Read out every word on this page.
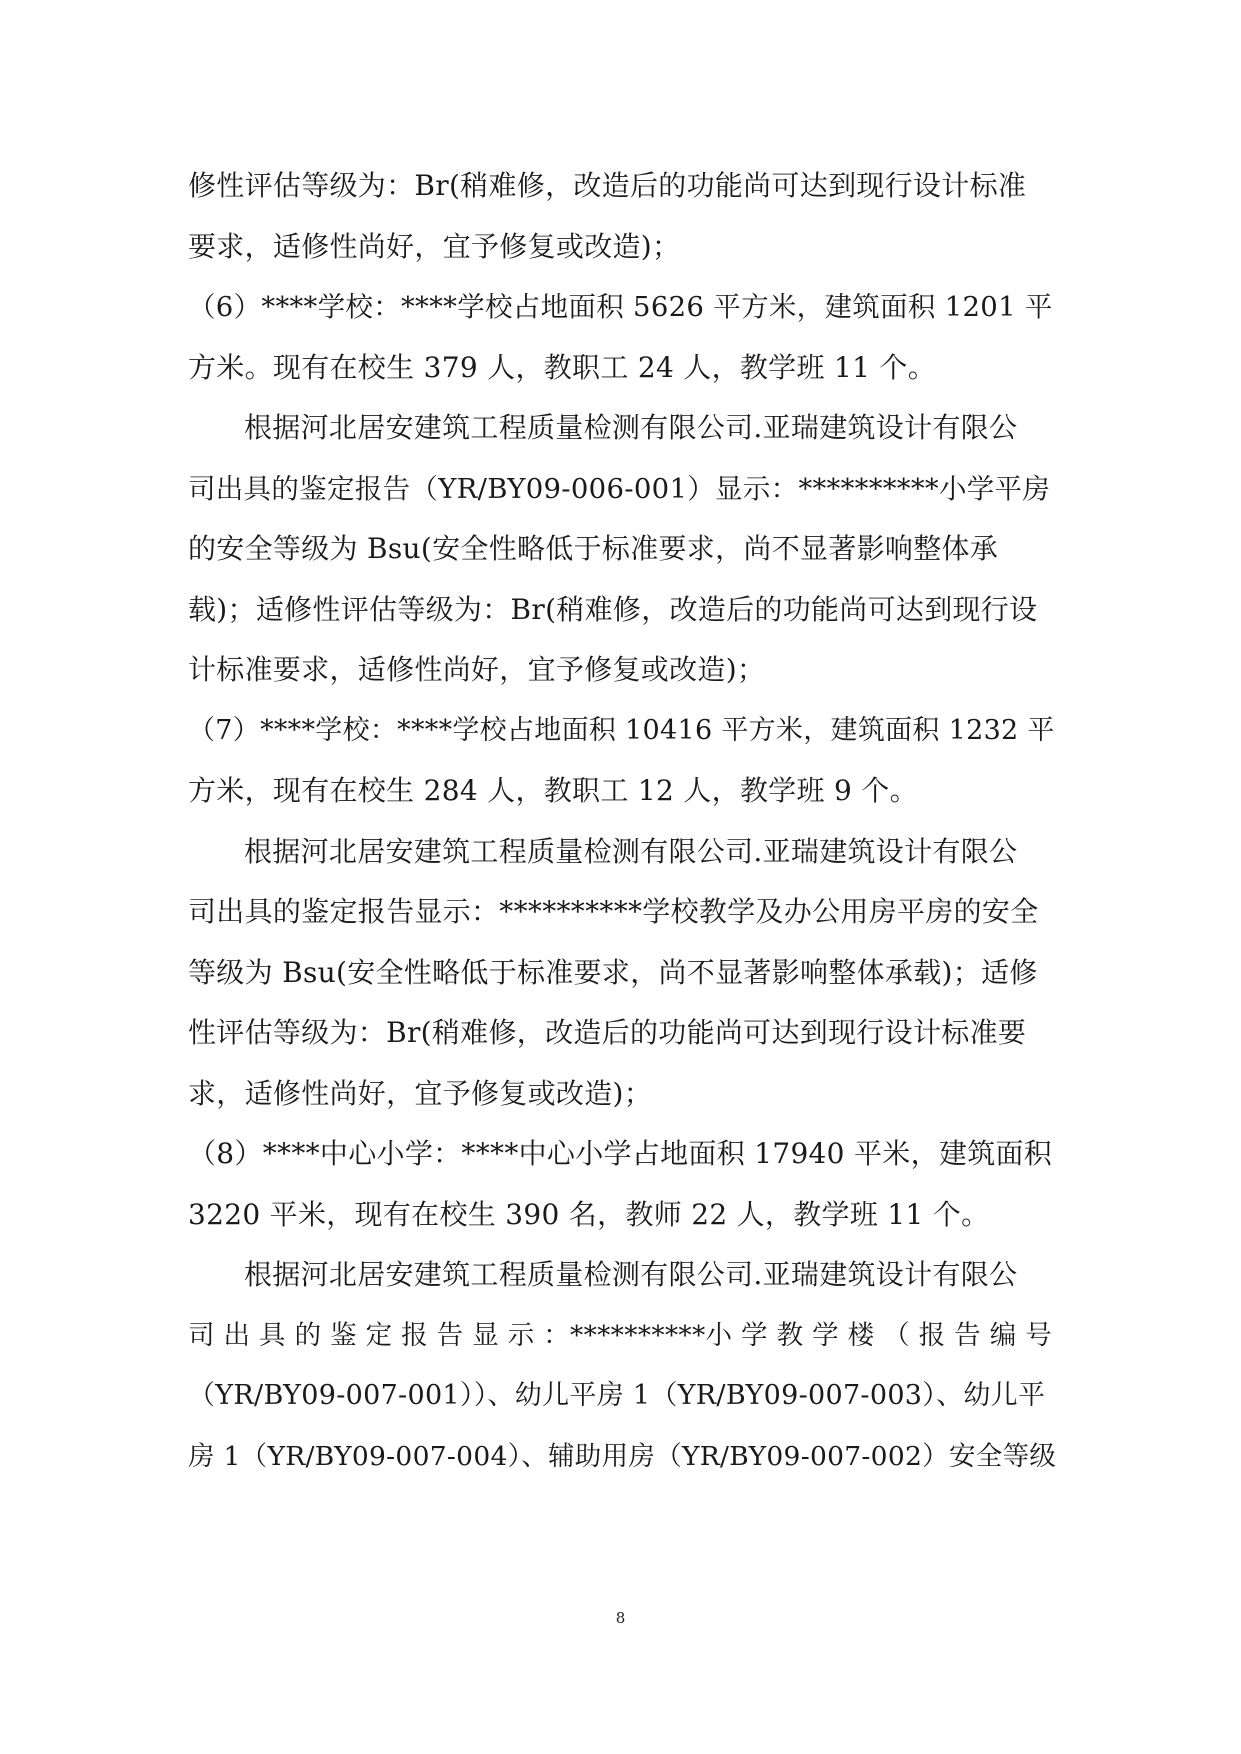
修性评估等级为：Br(稍难修，改造后的功能尚可达到现行设计标准
要求，适修性尚好，宜予修复或改造)；
（6）****学校：****学校占地面积 5626 平方米，建筑面积 1201 平
方米。现有在校生 379 人，教职工 24 人，教学班 11 个。
根据河北居安建筑工程质量检测有限公司.亚瑞建筑设计有限公
司出具的鉴定报告（YR/BY09-006-001）显示：**********小学平房
的安全等级为 Bsu(安全性略低于标准要求，尚不显著影响整体承
载)；适修性评估等级为：Br(稍难修，改造后的功能尚可达到现行设
计标准要求，适修性尚好，宜予修复或改造)；
（7）****学校：****学校占地面积 10416 平方米，建筑面积 1232 平
方米，现有在校生 284 人，教职工 12 人，教学班 9 个。
根据河北居安建筑工程质量检测有限公司.亚瑞建筑设计有限公
司出具的鉴定报告显示：**********学校教学及办公用房平房的安全
等级为 Bsu(安全性略低于标准要求，尚不显著影响整体承载)；适修
性评估等级为：Br(稍难修，改造后的功能尚可达到现行设计标准要
求，适修性尚好，宜予修复或改造)；
（8）****中心小学：****中心小学占地面积 17940 平米，建筑面积
3220 平米，现有在校生 390 名，教师 22 人，教学班 11 个。
根据河北居安建筑工程质量检测有限公司.亚瑞建筑设计有限公
司 出 具 的 鉴 定 报 告 显 示 ：**********小 学 教 学 楼 （ 报 告 编 号
（YR/BY09-007-001））、幼儿平房 1（YR/BY09-007-003）、幼儿平
房 1（YR/BY09-007-004）、辅助用房（YR/BY09-007-002）安全等级
8
